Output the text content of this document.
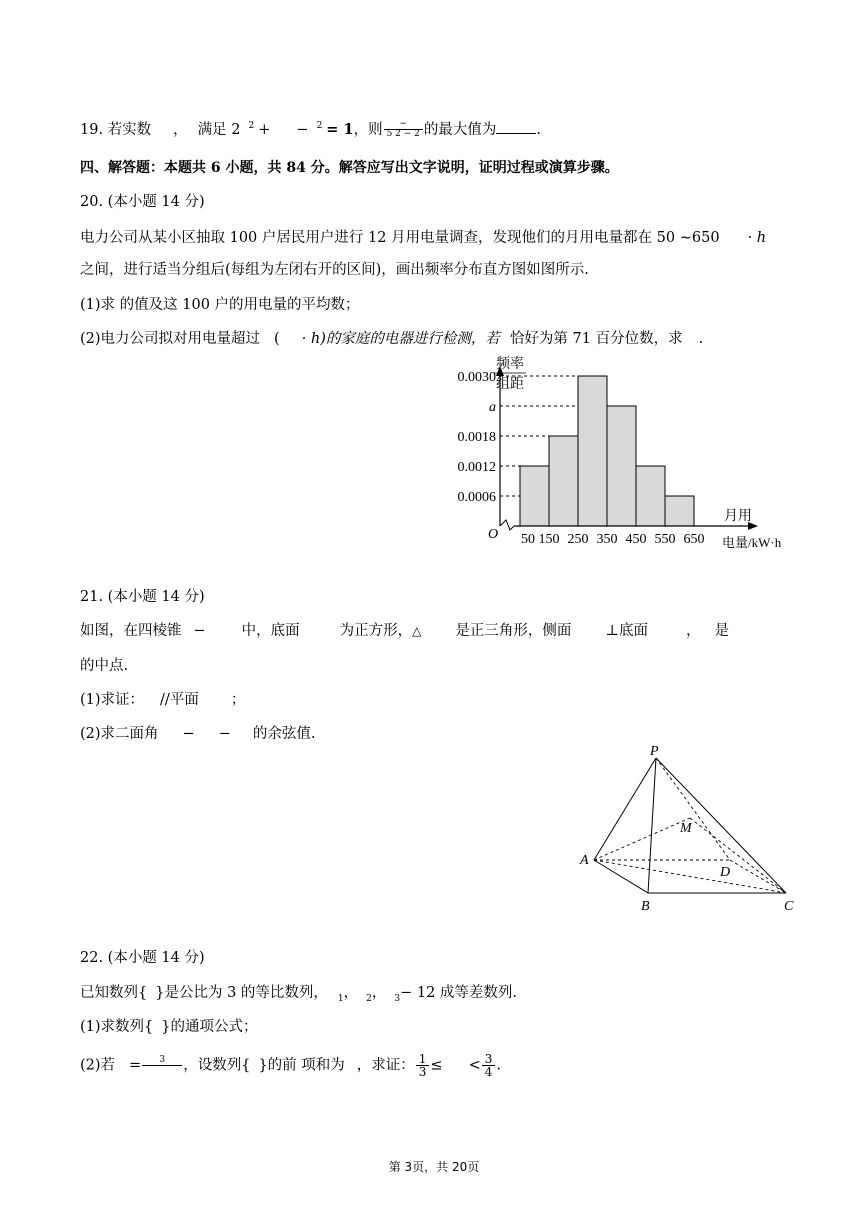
19. 若实数 ， 满足 2 $^2$ + − $^2$ = 1，则 $\frac{-}{5 2 - 2}$ 的最大值为	.
四、解答题：本题共 6 小题，共 84 分。解答应写出文字说明，证明过程或演算步骤。
20. (本小题 14 分)
电力公司从某小区抽取 100 户居民用户进行 12 月用电量调查，发现他们的月用电量都在 50 ∼650 · h
之间，进行适当分组后(每组为左闭右开的区间)，画出频率分布直方图如图所示.
(1)求 的值及这 100 户的用电量的平均数；
(2)电力公司拟对用电量超过 ( · h)的家庭的电器进行检测，若 恰好为第 71 百分位数，求 .
0.0006
0.0012
0.0018
a
0.0030
50 150 250 350 450 550 650
频率
组距
月用
电量/kW·h
O
21. (本小题 14 分)
如图，在四棱锥 − 中，底面	为正方形，△ 是正三角形，侧面 ⊥底面	， 是
的中点.
(1)求证： //平面 ；
(2)求二面角 − − 的余弦值.
P
M
A
D
B	C
22. (本小题 14 分)
已知数列{ }是公比为 3 的等比数列， $_1$， $_2$， $_3$− 12 成等差数列.
(1)求数列{ }的通项公式；
(2)若 =	3	，设数列{ }的前 项和为 ，求证： $\frac{1}{3}$ ≤ < $\frac{3}{4}$ .
第 3页，共 20页
